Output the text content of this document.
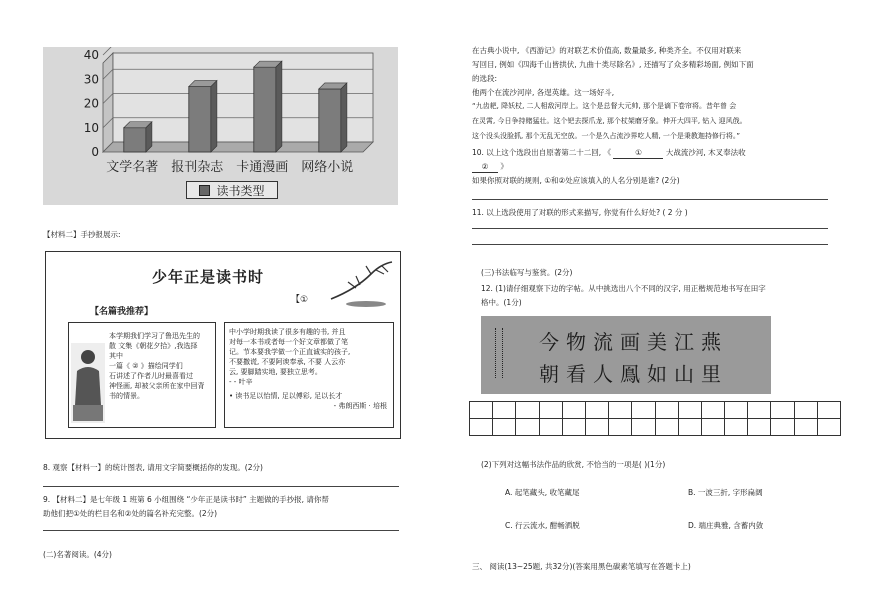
0
10
20
30
40
文学名著 报刊杂志 卡通漫画 网络小说
读书类型
【材料二】手抄报展示:
少年正是读书时
【①
【名篇我推荐】
本学期我们学习了鲁迅先生的
散 文集《朝花夕拾》,我选择
其中
一篇《 ② 》描绘同学们
石讲述了作者儿时最喜看过
神怪画, 却被父亲所在家中回背
书的情景。
中小学时期我读了很多有趣的书, 并且
对每一本书或者每一个好文章都做了笔
记。节本要我学做一个正直诚实的孩子,
不要撒谎, 不要阿谀奉承, 不要 人云亦
云, 要脚踏实地, 要独立思考。
- - 叶辛
• 读书足以怡情, 足以傅彩, 足以长才
- 弗朗西斯 · 培根
8. 观察【材料一】的统计图表, 请用文字简要概括你的发现。(2分)
9. 【材料二】是七年级 1 班第 6 小组围绕 “少年正是读书时” 主题做的手抄报, 请你帮
助他们把①处的栏目名和②处的篇名补充完整。(2分)
(二)名著阅读。(4分)
在古典小说中, 《西游记》的对联艺术价值高, 数量最多, 种类齐全。不仅用对联来
写回目, 例如《四海千山皆拱伏, 九曲十类尽除名》, 还描写了众多精彩场面, 例如下面
的选段:
他两个在流沙河岸, 各逞英雄。这一场好斗,
“九齿耙, 降妖杖, 二人相敌河岸上。这个是总督大元帅, 那个是谪下卷帘将。昔年曾 会
在灵霄, 今日争持赌猛壮。这个钯去探爪龙, 那个杖架磨牙象。伸开大四平, 钻入 迎风戗。
这个没头没脸抓, 那个无乱无空放。一个是久占流沙界吃人精, 一个是秉教迦持修行将。”
10. 以上这个选段出自原著第二十二回, 《	①	大战流沙河, 木叉奉法收
② 》
如果你照对联的规则, ①和②处应该填入的人名分别是谁? (2分)
11. 以上选段使用了对联的形式来描写, 你觉有什么好处? ( 2 分 )
(三)书法临写与鉴赏。(2分)
12. (1)请仔细观察下边的字帖。从中挑选出八个不同的汉字, 用正楷规范地书写在田字
格中。(1分)
今物流画美江燕
朝看人鳯如山里

(2)下列对这幅书法作品的欣赏, 不恰当的一项是( )(1分)
A. 起笔藏头, 收笔藏尾	B. 一波三折, 字形扁阔
C. 行云流水, 酣畅洒脱	D. 端庄典雅, 含蓄内敛
三、 阅读(13~25题, 共32分)(答案用黑色碳素笔填写在答题卡上)
